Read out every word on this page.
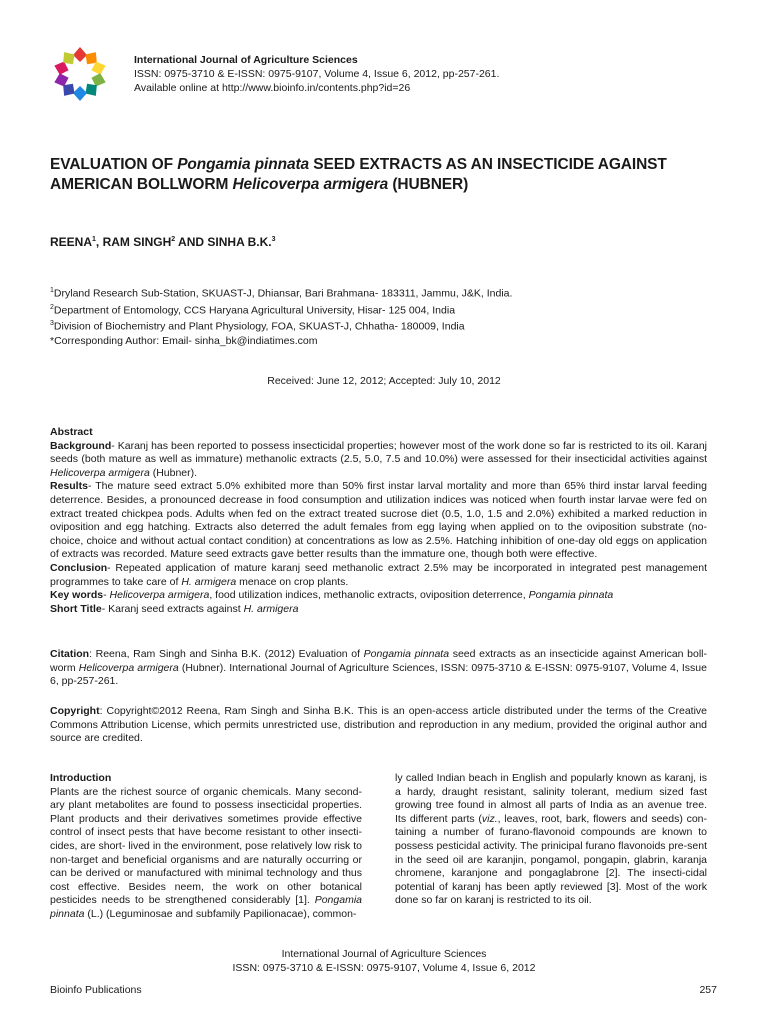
International Journal of Agriculture Sciences
ISSN: 0975-3710 & E-ISSN: 0975-9107, Volume 4, Issue 6, 2012, pp-257-261.
Available online at http://www.bioinfo.in/contents.php?id=26
EVALUATION OF Pongamia pinnata SEED EXTRACTS AS AN INSECTICIDE AGAINST
AMERICAN BOLLWORM Helicoverpa armigera (HUBNER)
REENA$^1$, RAM SINGH$^2$ AND SINHA B.K.$^3$
$^1$Dryland Research Sub-Station, SKUAST-J, Dhiansar, Bari Brahmana- 183311, Jammu, J&K, India.
$^2$Department of Entomology, CCS Haryana Agricultural University, Hisar- 125 004, India
$^3$Division of Biochemistry and Plant Physiology, FOA, SKUAST-J, Chhatha- 180009, India
*Corresponding Author: Email- sinha_bk@indiatimes.com
Received: June 12, 2012; Accepted: July 10, 2012

Abstract

Background- Karanj has been reported to possess insecticidal properties; however most of the work done so far is restricted to its oil. Karanj seeds (both mature as well as immature) methanolic extracts (2.5, 5.0, 7.5 and 10.0%) were assessed for their insecticidal activities against Helicoverpa armigera (Hubner).

Results- The mature seed extract 5.0% exhibited more than 50% first instar larval mortality and more than 65% third instar larval feeding deterrence. Besides, a pronounced decrease in food consumption and utilization indices was noticed when fourth instar larvae were fed on extract treated chickpea pods. Adults when fed on the extract treated sucrose diet (0.5, 1.0, 1.5 and 2.0%) exhibited a marked reduction in oviposition and egg hatching. Extracts also deterred the adult females from egg laying when applied on to the oviposition substrate (no-choice, choice and without actual contact condition) at concentrations as low as 2.5%. Hatching inhibition of one-day old eggs on application of extracts was recorded. Mature seed extracts gave better results than the immature one, though both were effective.

Conclusion- Repeated application of mature karanj seed methanolic extract 2.5% may be incorporated in integrated pest management programmes to take care of H. armigera menace on crop plants.

Key words- Helicoverpa armigera, food utilization indices, methanolic extracts, oviposition deterrence, Pongamia pinnata

Short Title- Karanj seed extracts against H. armigera

Citation: Reena, Ram Singh and Sinha B.K. (2012) Evaluation of Pongamia pinnata seed extracts as an insecticide against American boll-worm Helicoverpa armigera (Hubner). International Journal of Agriculture Sciences, ISSN: 0975-3710 & E-ISSN: 0975-9107, Volume 4, Issue 6, pp-257-261.

Copyright: Copyright©2012 Reena, Ram Singh and Sinha B.K. This is an open-access article distributed under the terms of the Creative Commons Attribution License, which permits unrestricted use, distribution and reproduction in any medium, provided the original author and source are credited.

Introduction

Plants are the richest source of organic chemicals. Many second-ary plant metabolites are found to possess insecticidal properties. Plant products and their derivatives sometimes provide effective control of insect pests that have become resistant to other insecti-cides, are short- lived in the environment, pose relatively low risk to non-target and beneficial organisms and are naturally occurring or can be derived or manufactured with minimal technology and thus cost effective. Besides neem, the work on other botanical pesticides needs to be strengthened considerably [1]. Pongamia pinnata (L.) (Leguminosae and subfamily Papilionacae), common-

ly called Indian beach in English and popularly known as karanj, is a hardy, draught resistant, salinity tolerant, medium sized fast growing tree found in almost all parts of India as an avenue tree. Its different parts (viz., leaves, root, bark, flowers and seeds) con-taining a number of furano-flavonoid compounds are known to possess pesticidal activity. The prinicipal furano flavonoids pre-sent in the seed oil are karanjin, pongamol, pongapin, glabrin, karanja chromene, karanjone and pongaglabrone [2]. The insecti-cidal potential of karanj has been aptly reviewed [3]. Most of the work done so far on karanj is restricted to its oil.

International Journal of Agriculture Sciences
ISSN: 0975-3710 & E-ISSN: 0975-9107, Volume 4, Issue 6, 2012
Bioinfo Publications	257
